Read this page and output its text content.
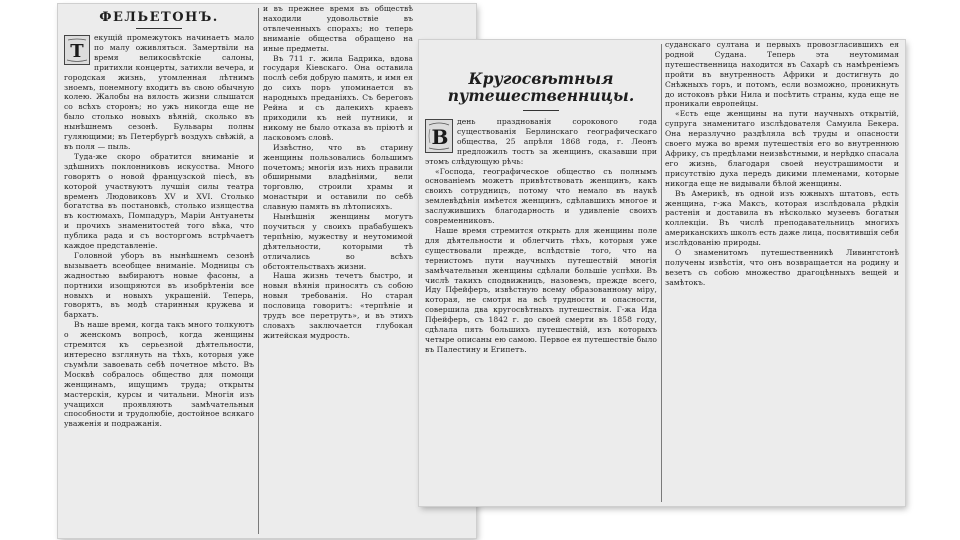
ФЕЛЬЕТОНЪ.
Т

екущій промежутокъ начинаетъ мало по малу оживляться. Замертвіли на время великосвѣтскіе салоны, притихли концерты, затихли вечера, и городская жизнь, утомленная лѣтнимъ зноемъ, понемногу входитъ въ свою обычную колею. Жалобы на вялость жизни слышатся со всѣхъ сторонъ; но ужъ никогда еще не было столько новыхъ вѣяній, сколько въ нынѣшнемъ сезонѣ. Бульвары полны гуляющими; въ Петербургѣ воздухъ свѣжій, а въ поля — пыль.

Туда-же скоро обратится вниманіе и здѣшнихъ поклонниковъ искусства. Много говорятъ о новой французской піесѣ, въ которой участвуютъ лучшія силы театра временъ Людовиковъ XV и XVI. Столько богатства въ постановкѣ, столько изящества въ костюмахъ, Помпадуръ, Маріи Антуанеты и прочихъ знаменитостей того вѣка, что публика рада и съ восторгомъ встрѣчаетъ каждое представленіе.

Головной уборъ въ нынѣшнемъ сезонѣ вызываетъ всеобщее вниманіе. Модницы съ жадностью выбираютъ новые фасоны, а портнихи изощряются въ изобрѣтеніи все новыхъ и новыхъ украшеній. Теперь, говорятъ, въ модѣ старинныя кружева и бархатъ.

Въ наше время, когда такъ много толкуютъ о женскомъ вопросѣ, когда женщины стремятся къ серьезной дѣятельности, интересно взглянуть на тѣхъ, которыя уже съумѣли завоевать себѣ почетное мѣсто. Въ Москвѣ собралось общество для помощи женщинамъ, ищущимъ труда; открыты мастерскія, курсы и читальни. Многія изъ учащихся проявляютъ замѣчательныя способности и трудолюбіе, достойное всякаго уваженія и подражанія.

и въ прежнее время въ обществѣ находили удовольствіе въ отвлеченныхъ спорахъ; но теперь вниманіе общества обращено на иные предметы.

Въ 711 г. жила Бадрика, вдова государя Кіевскаго. Она оставила послѣ себя добрую память, и имя ея до сихъ поръ упоминается въ народныхъ преданіяхъ. Съ береговъ Рейна и съ далекихъ краевъ приходили къ ней путники, и никому не было отказа въ пріютѣ и ласковомъ словѣ.

Извѣстно, что въ старину женщины пользовались большимъ почетомъ; многія изъ нихъ правили обширными владѣніями, вели торговлю, строили храмы и монастыри и оставили по себѣ славную память въ лѣтописяхъ.

Нынѣшнія женщины могутъ поучиться у своихъ прабабушекъ терпѣнію, мужеству и неутомимой дѣятельности, которыми тѣ отличались во всѣхъ обстоятельствахъ жизни.

Наша жизнь течетъ быстро, и новыя вѣянія приносятъ съ собою новыя требованія. Но старая пословица говоритъ: «терпѣніе и трудъ все перетрутъ», и въ этихъ словахъ заключается глубокая житейская мудрость.

Кругосвѣтныя путешественницы.
В

день празднованія сорокового года существованія Берлинскаго географическаго общества, 25 апрѣля 1868 года, г. Леонъ предложилъ тостъ за женщинъ, сказавши при этомъ слѣдующую рѣчь:

«Господа, географическое общество съ полнымъ основаніемъ можетъ привѣтствовать женщинъ, какъ своихъ сотрудницъ, потому что немало въ наукѣ землевѣдѣнія имѣется женщинъ, сдѣлавшихъ многое и заслужившихъ благодарность и удивленіе своихъ современниковъ.

Наше время стремится открыть для женщины поле для дѣятельности и облегчить тѣхъ, которыя уже существовали прежде, вслѣдствіе того, что на тернистомъ пути научныхъ путешествій многія замѣчательныя женщины сдѣлали большіе успѣхи. Въ числѣ такихъ сподвижницъ, назовемъ, прежде всего, Иду Пфейферъ, извѣстную всему образованному міру, которая, не смотря на всѣ трудности и опасности, совершила два кругосвѣтныхъ путешествія. Г-жа Ида Пфейферъ, съ 1842 г. до своей смерти въ 1858 году, сдѣлала пять большихъ путешествій, изъ которыхъ четыре описаны ею самою. Первое ея путешествіе было въ Палестину и Египетъ.

суданскаго султана и первыхъ провозгласившихъ ея родной Судана. Теперь эта неутомимая путешественница находится въ Сахарѣ съ намѣреніемъ пройти въ внутренность Африки и достигнуть до Снѣжныхъ горъ, и потомъ, если возможно, проникнуть до истоковъ рѣки Нила и посѣтить страны, куда еще не проникали европейцы.

«Есть еще женщины на пути научныхъ открытій, супруга знаменитаго изслѣдователя Самуила Бекера. Она неразлучно раздѣляла всѣ труды и опасности своего мужа во время путешествія его во внутреннюю Африку, съ предѣлами неизвѣстными, и нерѣдко спасала его жизнь, благодаря своей неустрашимости и присутствію духа передъ дикими племенами, которые никогда еще не видывали бѣлой женщины.

Въ Америкѣ, въ одной изъ южныхъ штатовъ, есть женщина, г-жа Максъ, которая изслѣдовала рѣдкія растенія и доставила въ нѣсколько музеевъ богатыя коллекціи. Въ числѣ преподавательницъ многихъ американскихъ школъ есть даже лица, посвятившія себя изслѣдованію природы.

О знаменитомъ путешественникѣ Ливингстонѣ получены извѣстія, что онъ возвращается на родину и везетъ съ собою множество драгоцѣнныхъ вещей и замѣтокъ.
